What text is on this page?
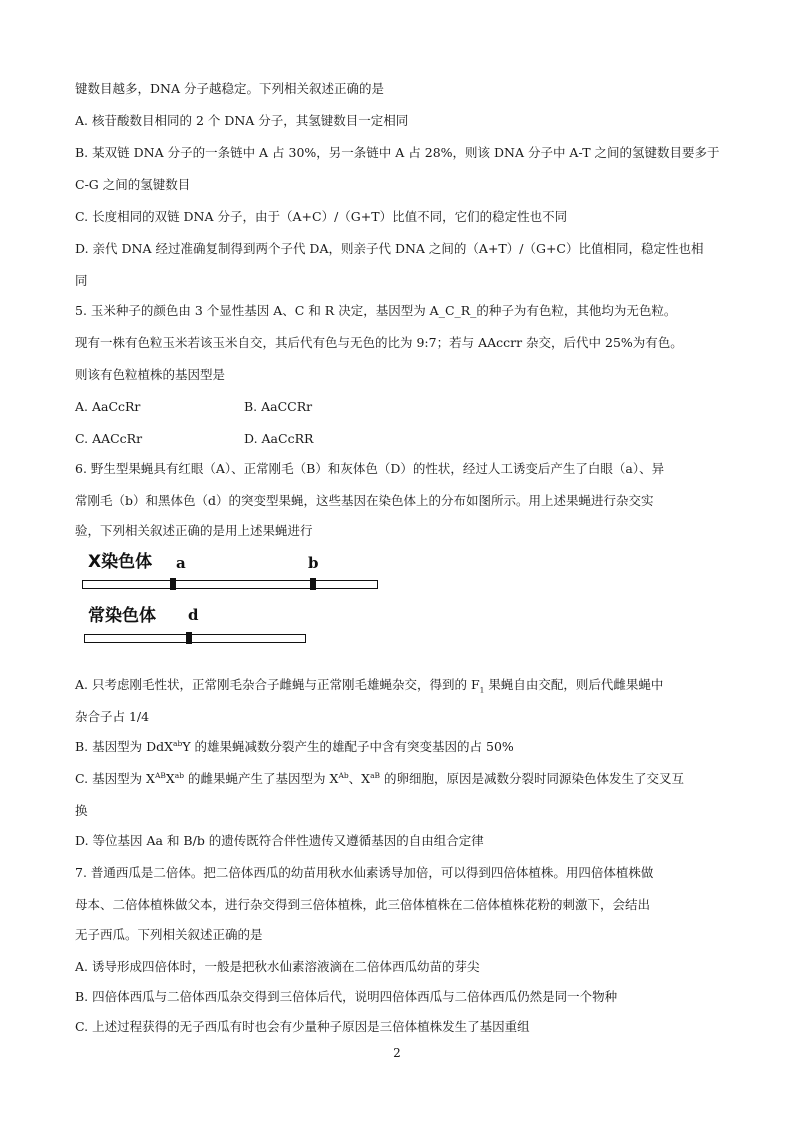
键数目越多，DNA 分子越稳定。下列相关叙述正确的是
A. 核苷酸数目相同的 2 个 DNA 分子，其氢键数目一定相同
B. 某双链 DNA 分子的一条链中 A 占 30%，另一条链中 A 占 28%，则该 DNA 分子中 A-T 之间的氢键数目要多于
C-G 之间的氢键数目
C. 长度相同的双链 DNA 分子，由于（A+C）/（G+T）比值不同，它们的稳定性也不同
D. 亲代 DNA 经过准确复制得到两个子代 DA，则亲子代 DNA 之间的（A+T）/（G+C）比值相同，稳定性也相
同
5. 玉米种子的颜色由 3 个显性基因 A、C 和 R 决定，基因型为 A_C_R_的种子为有色粒，其他均为无色粒。
现有一株有色粒玉米若该玉米自交，其后代有色与无色的比为 9:7；若与 AAccrr 杂交，后代中 25%为有色。
则该有色粒植株的基因型是
A. AaCcRr	B. AaCCRr
C. AACcRr	D. AaCcRR
6. 野生型果蝇具有红眼（A）、正常刚毛（B）和灰体色（D）的性状，经过人工诱变后产生了白眼（a）、异
常刚毛（b）和黑体色（d）的突变型果蝇，这些基因在染色体上的分布如图所示。用上述果蝇进行杂交实
验，下列相关叙述正确的是用上述果蝇进行
X染色体 a	b
常染色体 d
A. 只考虑刚毛性状，正常刚毛杂合子雌蝇与正常刚毛雄蝇杂交，得到的 $F_1$ 果蝇自由交配，则后代雌果蝇中
杂合子占 1/4
B. 基因型为 DdX$^{ab}$Y 的雄果蝇减数分裂产生的雄配子中含有突变基因的占 50%
C. 基因型为 $X^{AB}X^{ab}$ 的雌果蝇产生了基因型为 $X^{Ab}$、$X^{aB}$ 的卵细胞，原因是减数分裂时同源染色体发生了交叉互
换
D. 等位基因 Aa 和 B/b 的遗传既符合伴性遗传又遵循基因的自由组合定律
7. 普通西瓜是二倍体。把二倍体西瓜的幼苗用秋水仙素诱导加倍，可以得到四倍体植株。用四倍体植株做
母本、二倍体植株做父本，进行杂交得到三倍体植株，此三倍体植株在二倍体植株花粉的刺激下，会结出
无子西瓜。下列相关叙述正确的是
A. 诱导形成四倍体时，一般是把秋水仙素溶液滴在二倍体西瓜幼苗的芽尖
B. 四倍体西瓜与二倍体西瓜杂交得到三倍体后代，说明四倍体西瓜与二倍体西瓜仍然是同一个物种
C. 上述过程获得的无子西瓜有时也会有少量种子原因是三倍体植株发生了基因重组
2
